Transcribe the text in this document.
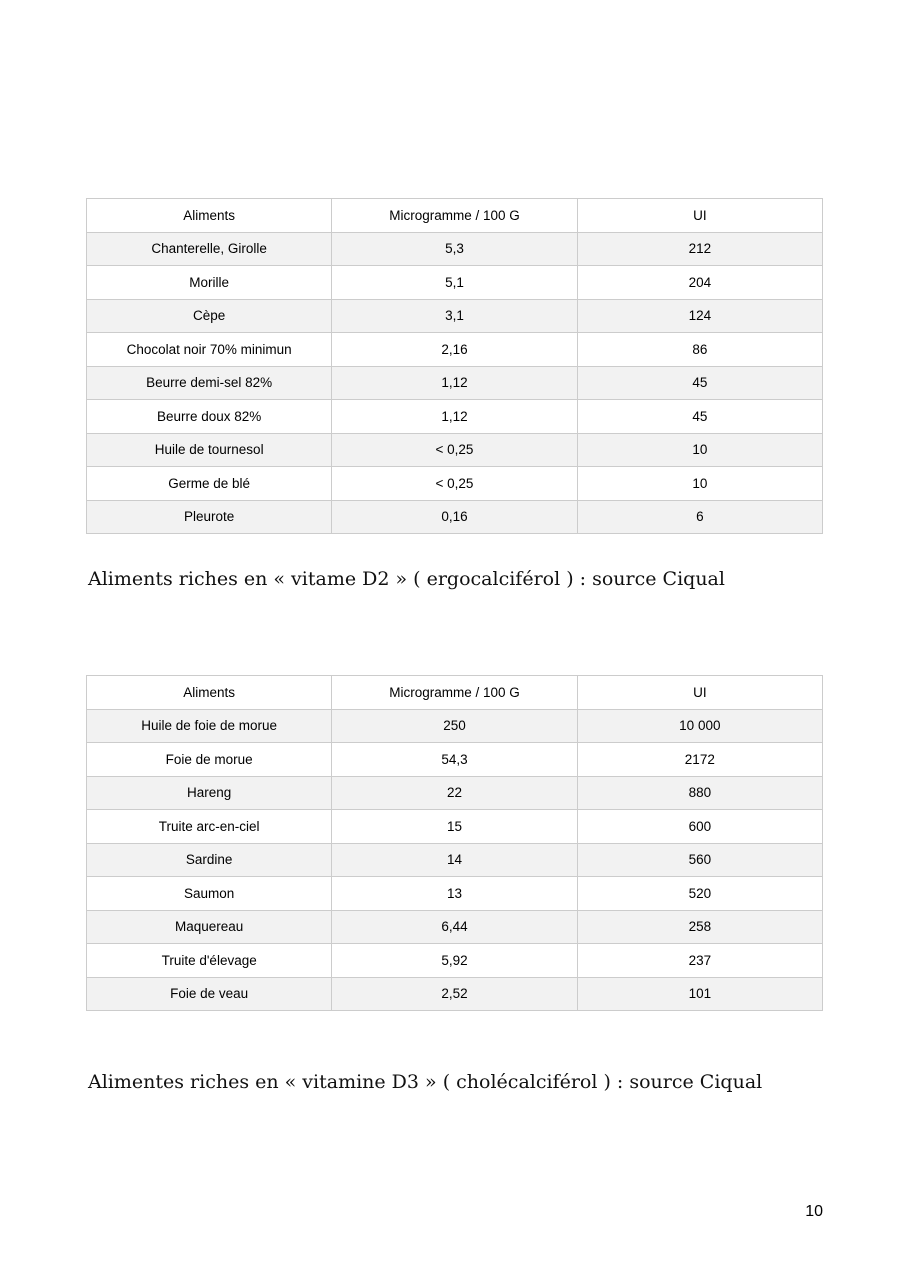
Aliments	Microgramme / 100 G	UI
Chanterelle, Girolle	5,3	212
Morille	5,1	204
Cèpe	3,1	124
Chocolat noir 70% minimun	2,16	86
Beurre demi-sel 82%	1,12	45
Beurre doux 82%	1,12	45
Huile de tournesol	< 0,25	10
Germe de blé	< 0,25	10
Pleurote	0,16	6

Aliments riches en « vitame D2 » ( ergocalciférol ) : source Ciqual

Aliments	Microgramme / 100 G	UI
Huile de foie de morue	250	10 000
Foie de morue	54,3	2172
Hareng	22	880
Truite arc-en-ciel	15	600
Sardine	14	560
Saumon	13	520
Maquereau	6,44	258
Truite d'élevage	5,92	237
Foie de veau	2,52	101

Alimentes riches en « vitamine D3 » ( cholécalciférol ) : source Ciqual

10
